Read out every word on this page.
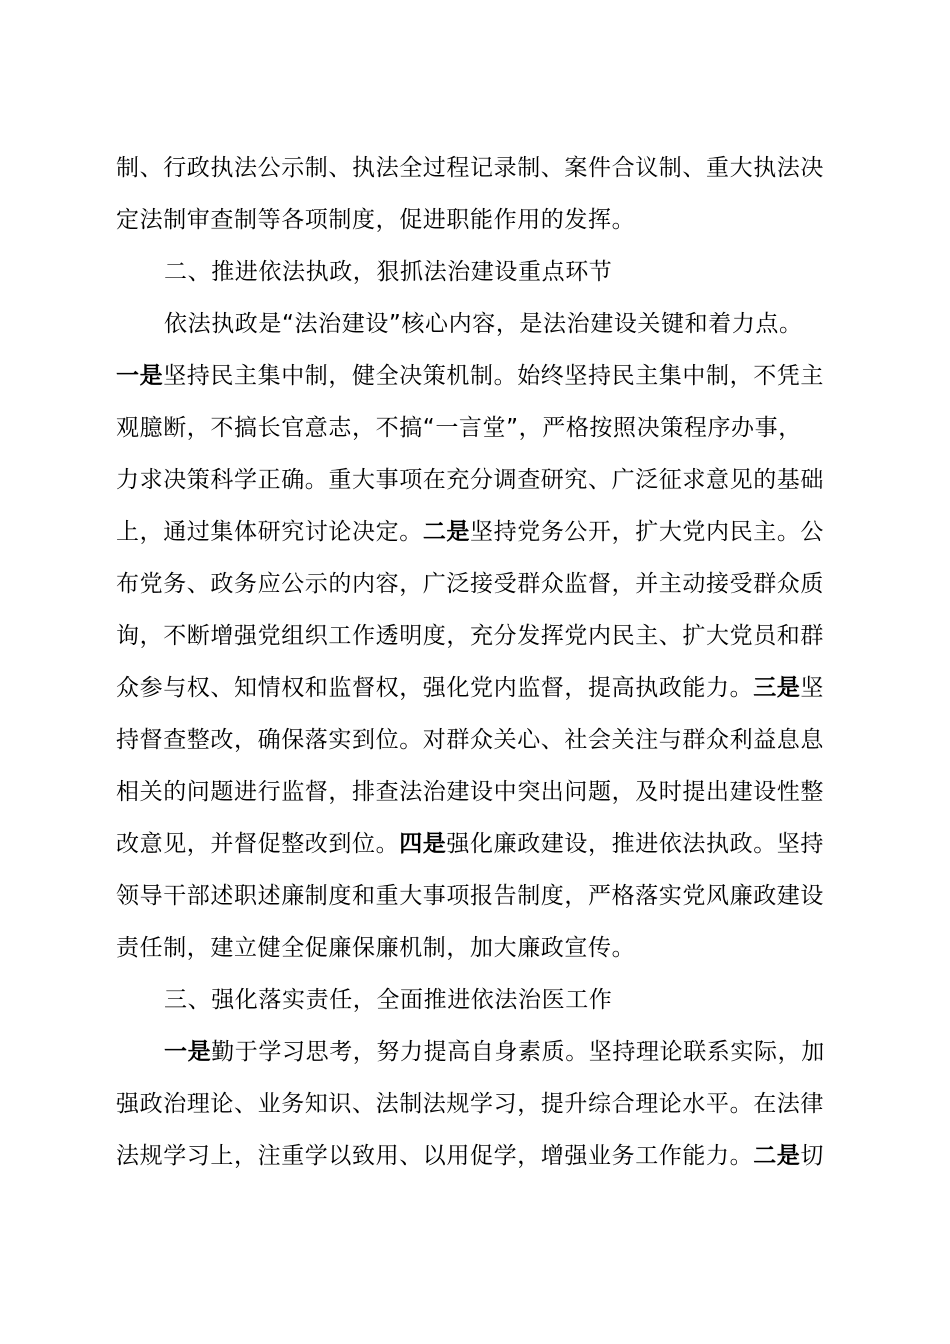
制、行政执法公示制、执法全过程记录制、案件合议制、重大执法决
定法制审查制等各项制度，促进职能作用的发挥。
二、推进依法执政，狠抓法治建设重点环节
依法执政是“法治建设”核心内容，是法治建设关键和着力点。
一是坚持民主集中制，健全决策机制。始终坚持民主集中制，不凭主
观臆断，不搞长官意志，不搞“一言堂”，严格按照决策程序办事，
力求决策科学正确。重大事项在充分调查研究、广泛征求意见的基础
上，通过集体研究讨论决定。二是坚持党务公开，扩大党内民主。公
布党务、政务应公示的内容，广泛接受群众监督，并主动接受群众质
询，不断增强党组织工作透明度，充分发挥党内民主、扩大党员和群
众参与权、知情权和监督权，强化党内监督，提高执政能力。三是坚
持督查整改，确保落实到位。对群众关心、社会关注与群众利益息息
相关的问题进行监督，排查法治建设中突出问题，及时提出建设性整
改意见，并督促整改到位。四是强化廉政建设，推进依法执政。坚持
领导干部述职述廉制度和重大事项报告制度，严格落实党风廉政建设
责任制，建立健全促廉保廉机制，加大廉政宣传。
三、强化落实责任，全面推进依法治医工作
一是勤于学习思考，努力提高自身素质。坚持理论联系实际，加
强政治理论、业务知识、法制法规学习，提升综合理论水平。在法律
法规学习上，注重学以致用、以用促学，增强业务工作能力。二是切
